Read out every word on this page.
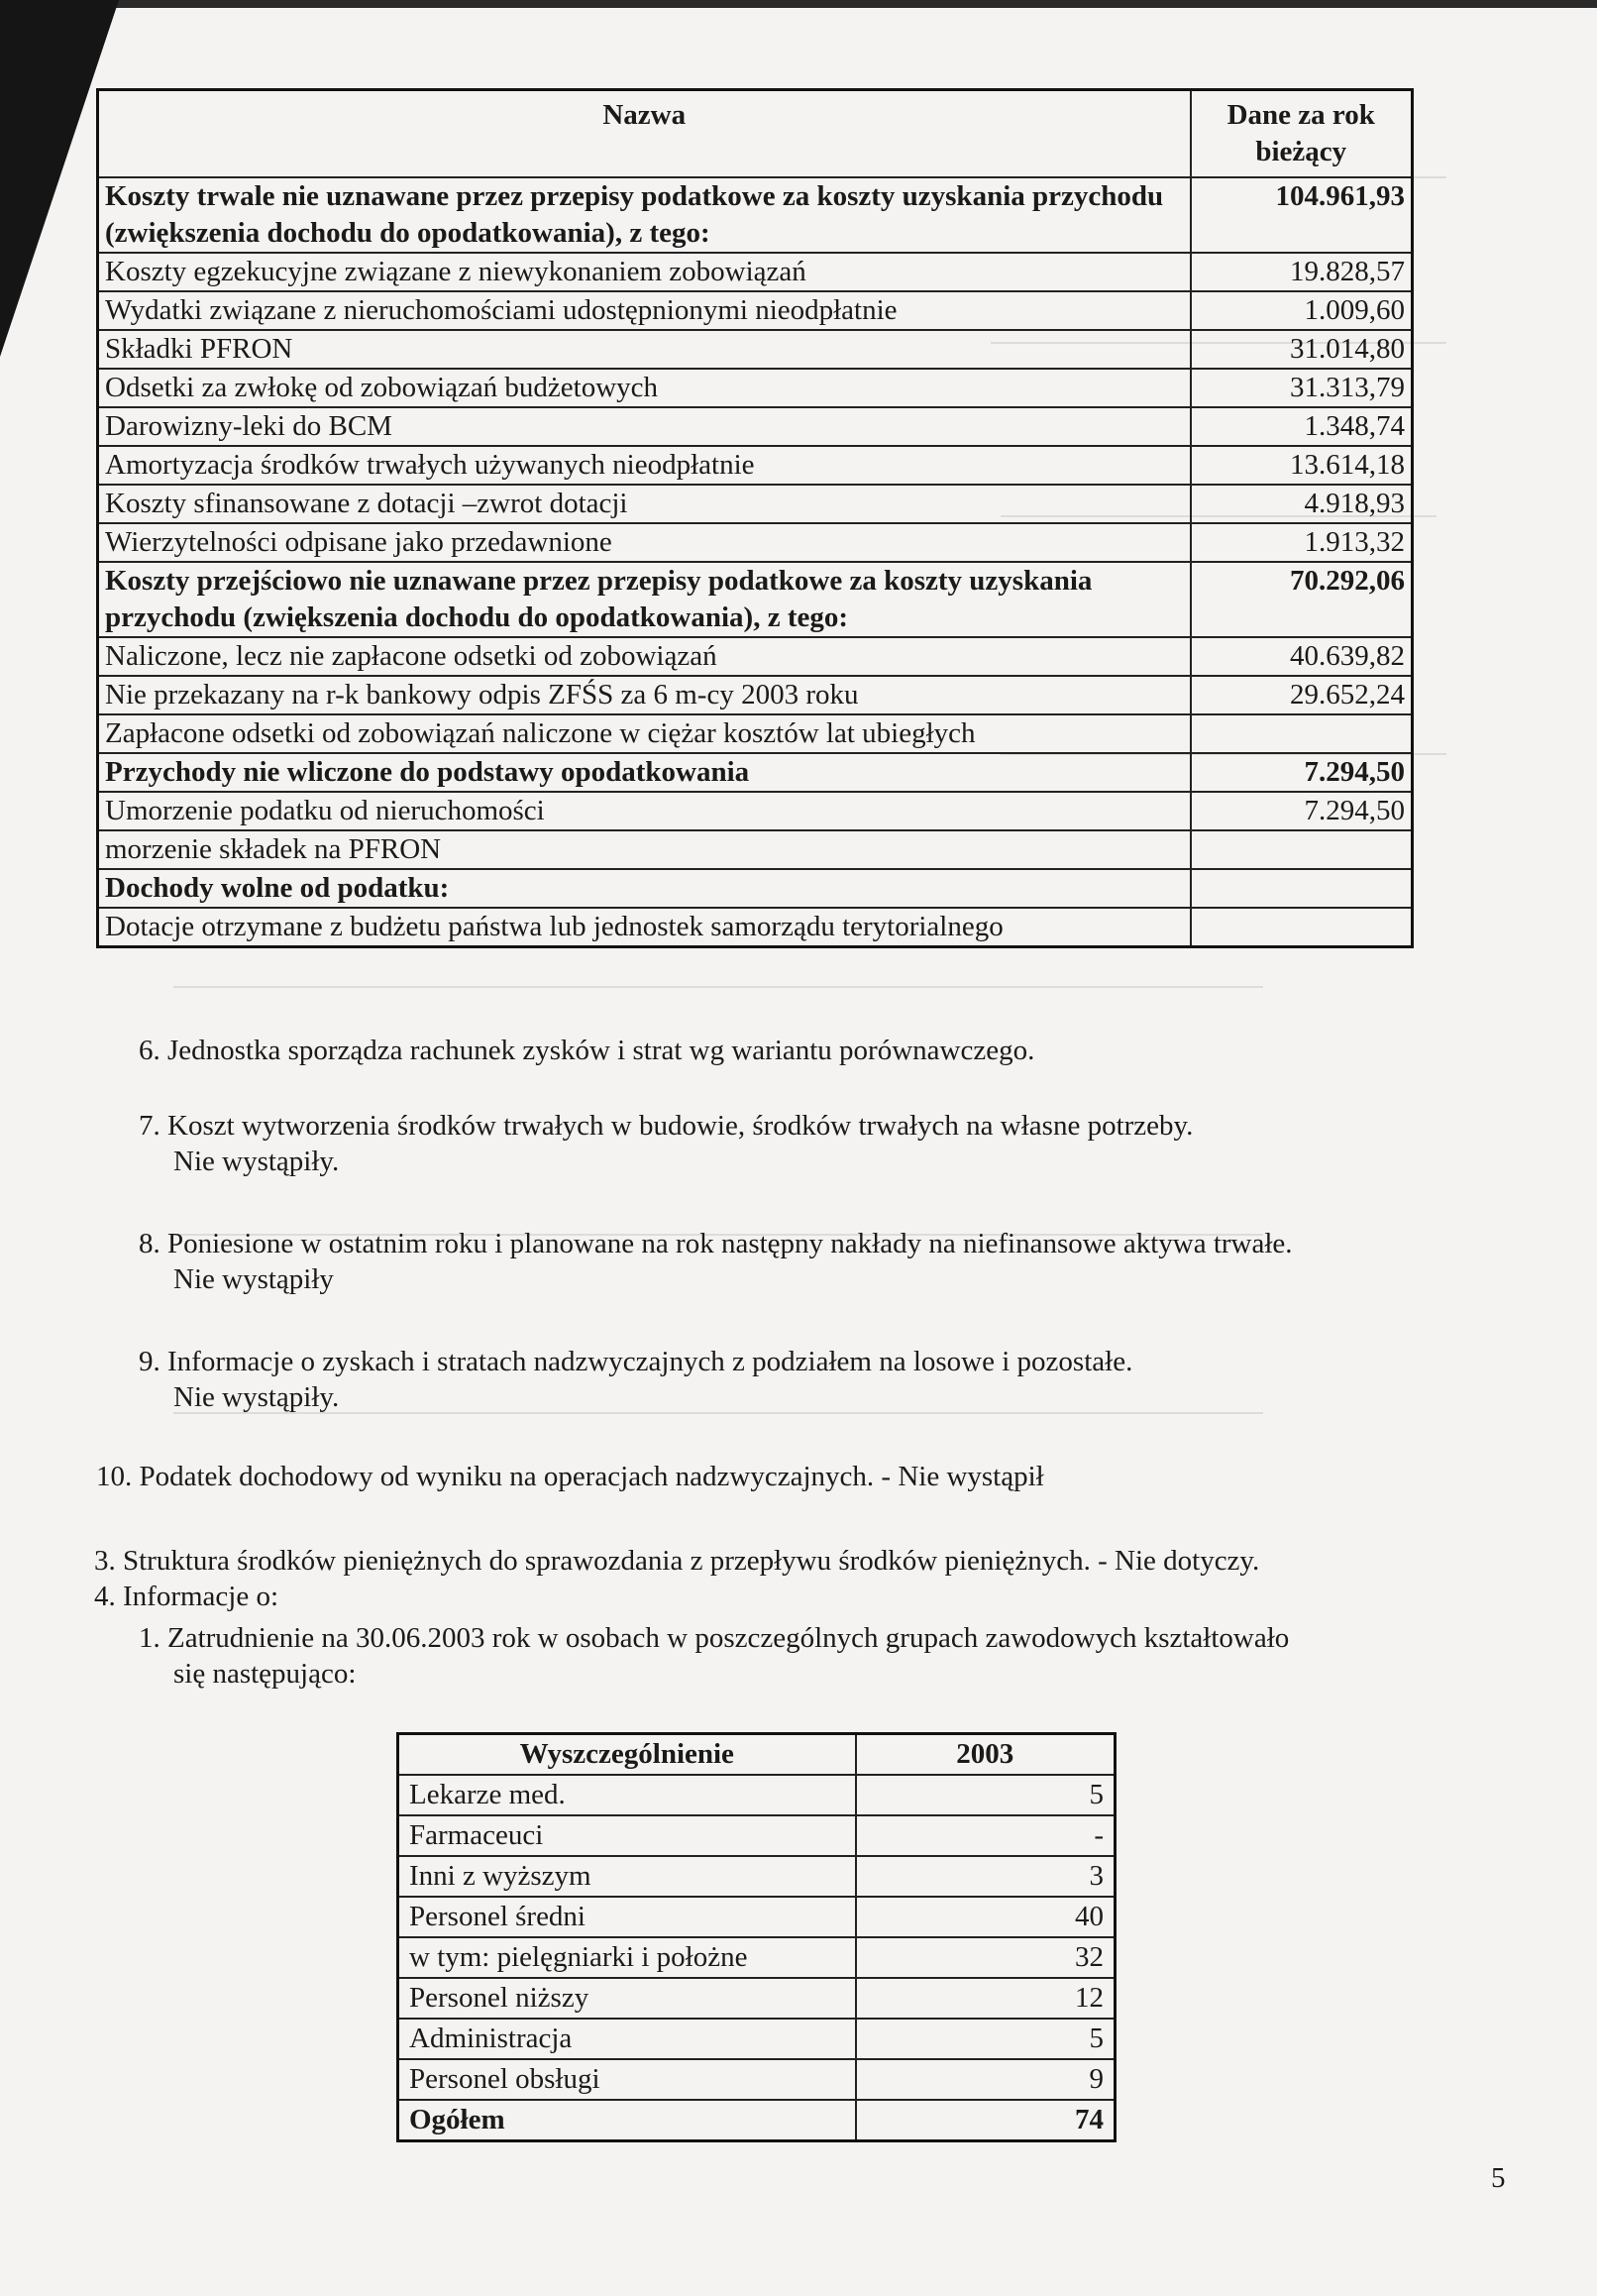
Nazwa	Dane za rok bieżący
Koszty trwale nie uznawane przez przepisy podatkowe za koszty uzyskania przychodu (zwiększenia dochodu do opodatkowania), z tego:	104.961,93
Koszty egzekucyjne związane z niewykonaniem zobowiązań	19.828,57
Wydatki związane z nieruchomościami udostępnionymi nieodpłatnie	1.009,60
Składki PFRON	31.014,80
Odsetki za zwłokę od zobowiązań budżetowych	31.313,79
Darowizny-leki do BCM	1.348,74
Amortyzacja środków trwałych używanych nieodpłatnie	13.614,18
Koszty sfinansowane z dotacji –zwrot dotacji	4.918,93
Wierzytelności odpisane jako przedawnione	1.913,32
Koszty przejściowo nie uznawane przez przepisy podatkowe za koszty uzyskania przychodu (zwiększenia dochodu do opodatkowania), z tego:	70.292,06
Naliczone, lecz nie zapłacone odsetki od zobowiązań	40.639,82
Nie przekazany na r-k bankowy odpis ZFŚS za 6 m-cy 2003 roku	29.652,24
Zapłacone odsetki od zobowiązań naliczone w ciężar kosztów lat ubiegłych	
Przychody nie wliczone do podstawy opodatkowania	7.294,50
Umorzenie podatku od nieruchomości	7.294,50
morzenie składek na PFRON	
Dochody wolne od podatku:	
Dotacje otrzymane z budżetu państwa lub jednostek samorządu terytorialnego	
6. Jednostka sporządza rachunek zysków i strat wg wariantu porównawczego.
7. Koszt wytworzenia środków trwałych w budowie, środków trwałych na własne potrzeby.
Nie wystąpiły.
8. Poniesione w ostatnim roku i planowane na rok następny nakłady na niefinansowe aktywa trwałe.
Nie wystąpiły
9. Informacje o zyskach i stratach nadzwyczajnych z podziałem na losowe i pozostałe.
Nie wystąpiły.
10. Podatek dochodowy od wyniku na operacjach nadzwyczajnych. - Nie wystąpił
3. Struktura środków pieniężnych do sprawozdania z przepływu środków pieniężnych. - Nie dotyczy.
4. Informacje o:
1. Zatrudnienie na 30.06.2003 rok w osobach w poszczególnych grupach zawodowych kształtowało
się następująco:
Wyszczególnienie	2003
Lekarze med.	5
Farmaceuci	-
Inni z wyższym	3
Personel średni	40
w tym: pielęgniarki i położne	32
Personel niższy	12
Administracja	5
Personel obsługi	9
Ogółem	74
5
